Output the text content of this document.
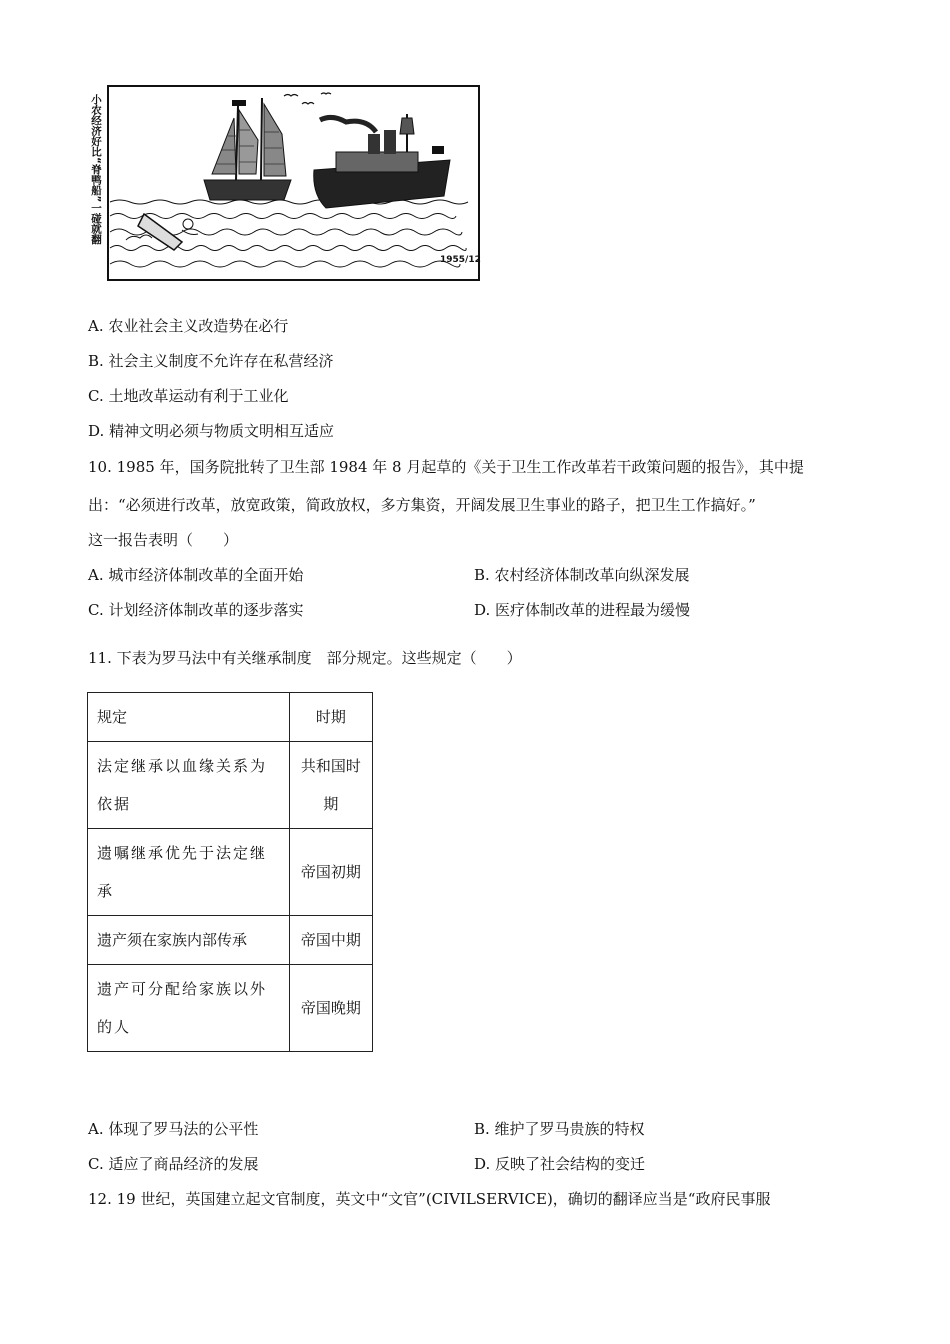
小农经济好比“脊鸭船”一碰就翻
1955/12
A. 农业社会主义改造势在必行
B. 社会主义制度不允许存在私营经济
C. 土地改革运动有利于工业化
D. 精神文明必须与物质文明相互适应
10. 1985 年，国务院批转了卫生部 1984 年 8 月起草的《关于卫生工作改革若干政策问题的报告》，其中提
出：“必须进行改革，放宽政策，简政放权，多方集资，开阔发展卫生事业的路子，把卫生工作搞好。”
这一报告表明（　　）
A. 城市经济体制改革的全面开始	B. 农村经济体制改革向纵深发展
C. 计划经济体制改革的逐步落实	D. 医疗体制改革的进程最为缓慢
11. 下表为罗马法中有关继承制度　部分规定。这些规定（　　）
规定	时期
法定继承以血缘关系为依据	共和国时期
遗嘱继承优先于法定继承	帝国初期
遗产须在家族内部传承	帝国中期
遗产可分配给家族以外的人	帝国晚期
A. 体现了罗马法的公平性	B. 维护了罗马贵族的特权
C. 适应了商品经济的发展	D. 反映了社会结构的变迁
12. 19 世纪，英国建立起文官制度，英文中“文官”(CIVILSERVICE)，确切的翻译应当是“政府民事服
